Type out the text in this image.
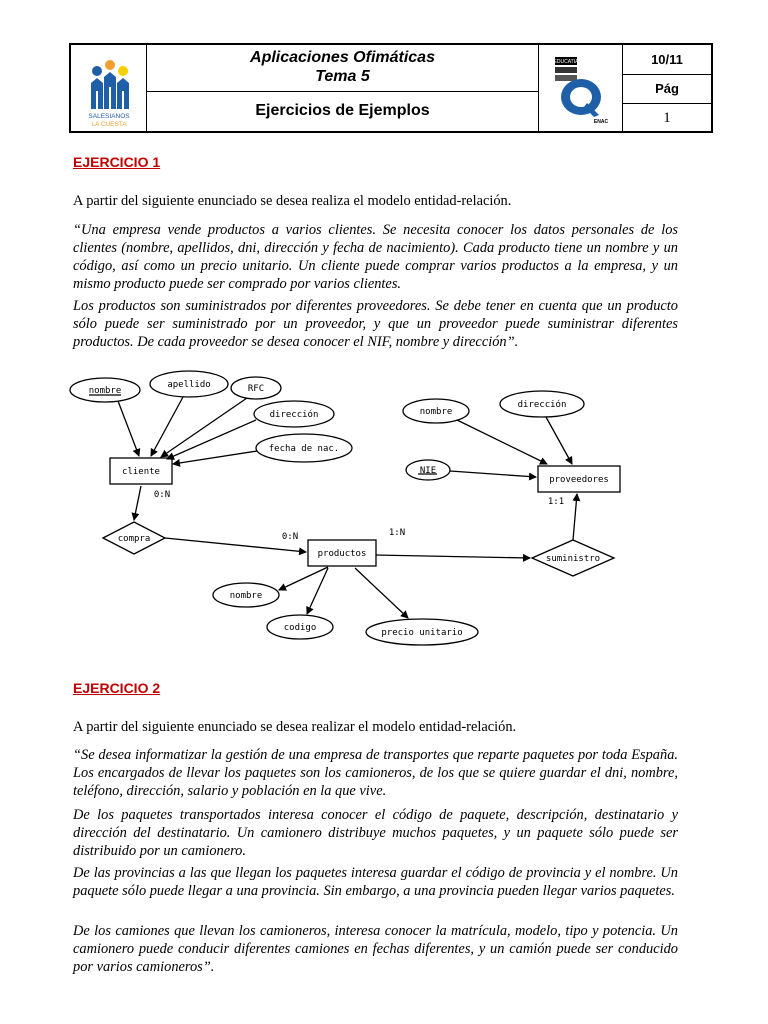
SALESIANOS
LA CUESTA
Aplicaciones Ofimáticas
Tema 5
Ejercicios de Ejemplos
EDUCATIA
ENAC
10/11
Pág
1
EJERCICIO 1
A partir del siguiente enunciado se desea realiza el modelo entidad-relación.
“Una empresa vende productos a varios clientes. Se necesita conocer los datos personales de los clientes (nombre, apellidos, dni, dirección y fecha de nacimiento). Cada producto tiene un nombre y un código, así como un precio unitario. Un cliente puede comprar varios productos a la empresa, y un mismo producto puede ser comprado por varios clientes.
Los productos son suministrados por diferentes proveedores. Se debe tener en cuenta que un producto sólo puede ser suministrado por un proveedor, y que un proveedor puede suministrar diferentes productos. De cada proveedor se desea conocer el NIF, nombre y dirección”.
nombre
apellido	RFC
dirección
fecha de nac.
cliente
0:N
compra	0:N
productos
1:N
suministro
nombre
dirección
NIE
proveedores
1:1
nombre
codigo	precio unitario
EJERCICIO 2
A partir del siguiente enunciado se desea realizar el modelo entidad-relación.
“Se desea informatizar la gestión de una empresa de transportes que reparte paquetes por toda España. Los encargados de llevar los paquetes son los camioneros, de los que se quiere guardar el dni, nombre, teléfono, dirección, salario y población en la que vive.
De los paquetes transportados interesa conocer el código de paquete, descripción, destinatario y dirección del destinatario. Un camionero distribuye muchos paquetes, y un paquete sólo puede ser distribuido por un camionero.
De las provincias a las que llegan los paquetes interesa guardar el código de provincia y el nombre. Un paquete sólo puede llegar a una provincia. Sin embargo, a una provincia pueden llegar varios paquetes.
De los camiones que llevan los camioneros, interesa conocer la matrícula, modelo, tipo y potencia. Un camionero puede conducir diferentes camiones en fechas diferentes, y un camión puede ser conducido por varios camioneros”.
